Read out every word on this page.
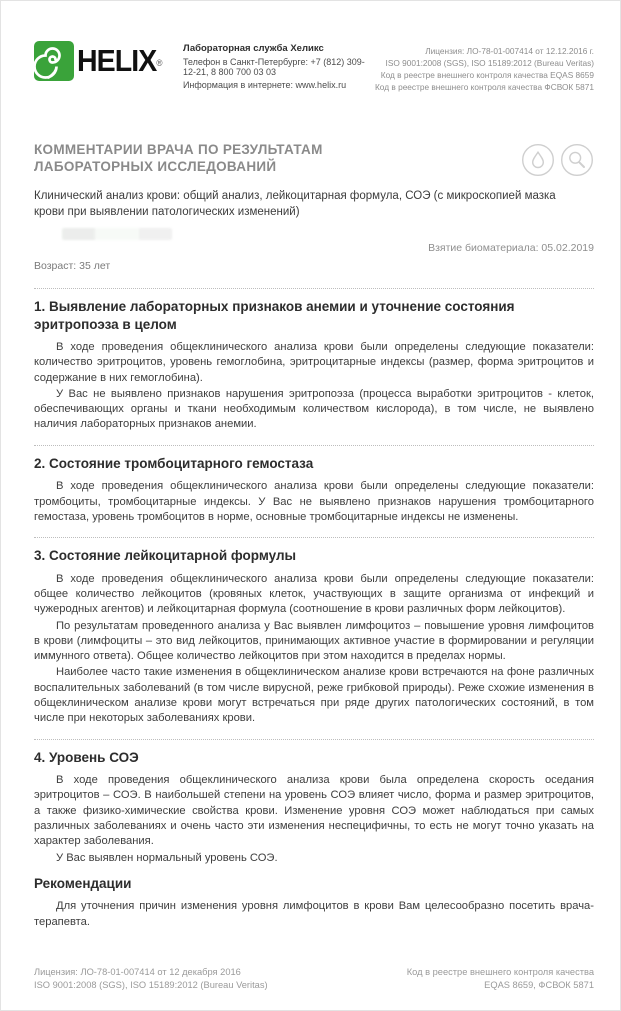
HELIX®
Лабораторная служба Хеликс
Телефон в Санкт-Петербурге: +7 (812) 309-12-21, 8 800 700 03 03
Информация в интернете: www.helix.ru
Лицензия: ЛО-78-01-007414 от 12.12.2016 г.
ISO 9001:2008 (SGS), ISO 15189:2012 (Bureau Veritas)
Код в реестре внешнего контроля качества EQAS 8659
Код в реестре внешнего контроля качества ФСВОК 5871
КОММЕНТАРИИ ВРАЧА ПО РЕЗУЛЬТАТАМ
ЛАБОРАТОРНЫХ ИССЛЕДОВАНИЙ
Клинический анализ крови: общий анализ, лейкоцитарная формула, СОЭ (с микроскопией мазка крови при выявлении патологических изменений)
Взятие биоматериала: 05.02.2019
Возраст: 35 лет
1. Выявление лабораторных признаков анемии и уточнение состояния эритропоэза в целом

В ходе проведения общеклинического анализа крови были определены следующие показатели: количество эритроцитов, уровень гемоглобина, эритроцитарные индексы (размер, форма эритроцитов и содержание в них гемоглобина).

У Вас не выявлено признаков нарушения эритропоэза (процесса выработки эритроцитов - клеток, обеспечивающих органы и ткани необходимым количеством кислорода), в том числе, не выявлено наличия лабораторных признаков анемии.

2. Состояние тромбоцитарного гемостаза

В ходе проведения общеклинического анализа крови были определены следующие показатели: тромбоциты, тромбоцитарные индексы. У Вас не выявлено признаков нарушения тромбоцитарного гемостаза, уровень тромбоцитов в норме, основные тромбоцитарные индексы не изменены.

3. Состояние лейкоцитарной формулы

В ходе проведения общеклинического анализа крови были определены следующие показатели: общее количество лейкоцитов (кровяных клеток, участвующих в защите организма от инфекций и чужеродных агентов) и лейкоцитарная формула (соотношение в крови различных форм лейкоцитов).

По результатам проведенного анализа у Вас выявлен лимфоцитоз – повышение уровня лимфоцитов в крови (лимфоциты – это вид лейкоцитов, принимающих активное участие в формировании и регуляции иммунного ответа). Общее количество лейкоцитов при этом находится в пределах нормы.

Наиболее часто такие изменения в общеклиническом анализе крови встречаются на фоне различных воспалительных заболеваний (в том числе вирусной, реже грибковой природы). Реже схожие изменения в общеклиническом анализе крови могут встречаться при ряде других патологических состояний, в том числе при некоторых заболеваниях крови.

4. Уровень СОЭ

В ходе проведения общеклинического анализа крови была определена скорость оседания эритроцитов – СОЭ. В наибольшей степени на уровень СОЭ влияет число, форма и размер эритроцитов, а также физико-химические свойства крови. Изменение уровня СОЭ может наблюдаться при самых различных заболеваниях и очень часто эти изменения неспецифичны, то есть не могут точно указать на характер заболевания.

У Вас выявлен нормальный уровень СОЭ.

Рекомендации

Для уточнения причин изменения уровня лимфоцитов в крови Вам целесообразно посетить врача-терапевта.

Лицензия: ЛО-78-01-007414 от 12 декабря 2016
ISO 9001:2008 (SGS), ISO 15189:2012 (Bureau Veritas)
Код в реестре внешнего контроля качества
EQAS 8659, ФСВОК 5871
